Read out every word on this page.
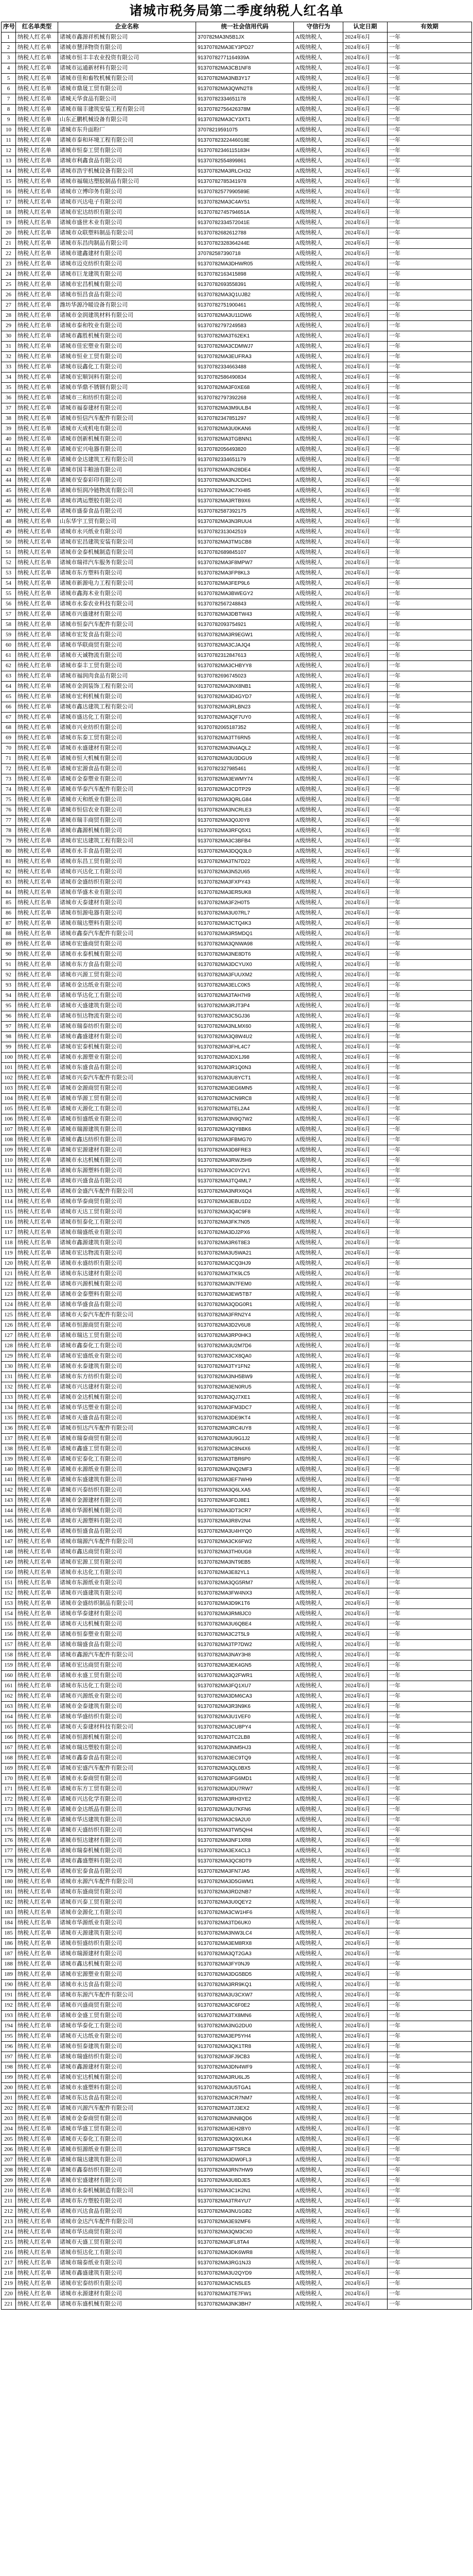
诸城市税务局第二季度纳税人红名单
序号	红名单类型	企业名称	统一社会信用代码	守信行为	认定日期	有效期
1	纳税人红名单	诸城市鑫源祥机械有限公司	370782MA3N5B1JX	A级纳税人	2024年6月	一年
2	纳税人红名单	诸城市慧泽物资有限公司	91370782MA3EY3PD27	A级纳税人	2024年6月	一年
3	纳税人红名单	诸城市恒丰丰农业投资有限公司	91370782771164939A	A级纳税人	2024年6月	一年
4	纳税人红名单	诸城市运通新材料有限公司	91370782MA3CB1NF8	A级纳税人	2024年6月	一年
5	纳税人红名单	诸城市佳和畜牧机械有限公司	91370782MA3NB3Y17	A级纳税人	2024年6月	一年
6	纳税人红名单	诸城市鼎晟工贸有限公司	91370782MA3QWN2T8	A级纳税人	2024年6月	一年
7	纳税人红名单	诸城天华食品有限公司	91370782334651178	A级纳税人	2024年6月	一年
8	纳税人红名单	诸城市瑞丰建筑安装工程有限公司	91370782756426378M	A级纳税人	2024年6月	一年
9	纳税人红名单	山东正鹏机械设备有限公司	91370782MA3CY3XT1	A级纳税人	2024年6月	一年
10	纳税人红名单	诸城市东升面粉厂	37078219591075	A级纳税人	2024年6月	一年
11	纳税人红名单	诸城市泰和环境工程有限公司	91370782322446018E	A级纳税人	2024年6月	一年
12	纳税人红名单	诸城市恒泰工贸有限公司	91370782346115183H	A级纳税人	2024年6月	一年
13	纳税人红名单	诸城市利鑫食品有限公司	91370782554899861	A级纳税人	2024年6月	一年
14	纳税人红名单	诸城市浩宇机械设备有限公司	91370782MA3RLCH32	A级纳税人	2024年6月	一年
15	纳税人红名单	诸城市福瑞达塑胶制品有限公司	91370782785341978	A级纳税人	2024年6月	一年
16	纳税人红名单	诸城市立博印务有限公司	91370782577990589E	A级纳税人	2024年6月	一年
17	纳税人红名单	诸城市兴达电子有限公司	91370782MA3C4AY51	A级纳税人	2024年6月	一年
18	纳税人红名单	诸城市宏达纺织有限公司	91370782745794651A	A级纳税人	2024年6月	一年
19	纳税人红名单	诸城市盛世木业有限公司	91370782334572041E	A级纳税人	2024年6月	一年
20	纳税人红名单	诸城市众联塑料制品有限公司	91370782682612788	A级纳税人	2024年6月	一年
21	纳税人红名单	诸城市东昌肉制品有限公司	91370782328364244E	A级纳税人	2024年6月	一年
22	纳税人红名单	诸城市建鑫建材有限公司	370782587390718	A级纳税人	2024年6月	一年
23	纳税人红名单	诸城市迈克纺织有限公司	91370782MA3DHWR05	A级纳税人	2024年6月	一年
24	纳税人红名单	诸城市巨龙建筑有限公司	91370782163415898	A级纳税人	2024年6月	一年
25	纳税人红名单	诸城市宏昌机械有限公司	91370782693558391	A级纳税人	2024年6月	一年
26	纳税人红名单	诸城市恒昌食品有限公司	91370782MA3Q1UJB2	A级纳税人	2024年6月	一年
27	纳税人红名单	潍坊华源冷暖设备有限公司	91370782751900461	A级纳税人	2024年6月	一年
28	纳税人红名单	诸城市金润建筑材料有限公司	91370782MA3U11DW6	A级纳税人	2024年6月	一年
29	纳税人红名单	诸城市泰和牧业有限公司	91370782797249583	A级纳税人	2024年6月	一年
30	纳税人红名单	诸城市鑫胜机械有限公司	91370782MA3T62EK1	A级纳税人	2024年6月	一年
31	纳税人红名单	诸城市佳宏塑业有限公司	91370782MA3CDMWJ7	A级纳税人	2024年6月	一年
32	纳税人红名单	诸城市恒业工贸有限公司	91370782MA3EUFRA3	A级纳税人	2024年6月	一年
33	纳税人红名单	诸城市辰鑫化工有限公司	91370782334663488	A级纳税人	2024年6月	一年
34	纳税人红名单	诸城市宏顺饲料有限公司	91370782586490834	A级纳税人	2024年6月	一年
35	纳税人红名单	诸城市华鼎不锈钢有限公司	91370782MA3F0XE68	A级纳税人	2024年6月	一年
36	纳税人红名单	诸城市三和纺织有限公司	91370782797392268	A级纳税人	2024年6月	一年
37	纳税人红名单	诸城市福泰建材有限公司	91370782MA3M9ULB4	A级纳税人	2024年6月	一年
38	纳税人红名单	诸城市恒信汽车配件有限公司	91370782347851297	A级纳税人	2024年6月	一年
39	纳税人红名单	诸城市天成机电有限公司	91370782MA3U0KAN6	A级纳税人	2024年6月	一年
40	纳税人红名单	诸城市创新机械有限公司	91370782MA3TGBNN1	A级纳税人	2024年6月	一年
41	纳税人红名单	诸城市宏兴电器有限公司	91370782056493820	A级纳税人	2024年6月	一年
42	纳税人红名单	诸城市金达建筑工程有限公司	91370782334651179	A级纳税人	2024年6月	一年
43	纳税人红名单	诸城市国丰粮油有限公司	91370782MA3N28DE4	A级纳税人	2024年6月	一年
44	纳税人红名单	诸城市安泰彩印有限公司	91370782MA3NJCDH1	A级纳税人	2024年6月	一年
45	纳税人红名单	诸城市恒润冷链物流有限公司	91370782MA3C7XH85	A级纳税人	2024年6月	一年
46	纳税人红名单	诸城市鸿运塑胶有限公司	91370782MA3RTB9X6	A级纳税人	2024年6月	一年
47	纳税人红名单	诸城市盛泰食品有限公司	91370782587392175	A级纳税人	2024年6月	一年
48	纳税人红名单	山东华宇工贸有限公司	91370782MA3N3RUU4	A级纳税人	2024年6月	一年
49	纳税人红名单	诸城市永兴纸业有限公司	91370782313042519	A级纳税人	2024年6月	一年
50	纳税人红名单	诸城市宏昌建筑安装有限公司	91370782MA3TM1CB8	A级纳税人	2024年6月	一年
51	纳税人红名单	诸城市金泰机械制造有限公司	91370782689845107	A级纳税人	2024年6月	一年
52	纳税人红名单	诸城市瑞祥汽车服务有限公司	91370782MA3F8MPW7	A级纳税人	2024年6月	一年
53	纳税人红名单	诸城市东方塑料有限公司	91370782MA3FP8KL3	A级纳税人	2024年6月	一年
54	纳税人红名单	诸城市新源电力工程有限公司	91370782MA3FEP9L6	A级纳税人	2024年6月	一年
55	纳税人红名单	诸城市鑫海木业有限公司	91370782MA3BWEGY2	A级纳税人	2024年6月	一年
56	纳税人红名单	诸城市永泰农业科技有限公司	91370782567248843	A级纳税人	2024年6月	一年
57	纳税人红名单	诸城市兴盛建材有限公司	91370782MA3DBTW43	A级纳税人	2024年6月	一年
58	纳税人红名单	诸城市恒泰汽车配件有限公司	91370782093754921	A级纳税人	2024年6月	一年
59	纳税人红名单	诸城市宏发食品有限公司	91370782MA3R9EGW1	A级纳税人	2024年6月	一年
60	纳税人红名单	诸城市华联商贸有限公司	91370782MA3CJAJQ4	A级纳税人	2024年6月	一年
61	纳税人红名单	诸城市天诚物流有限公司	91370782312847613	A级纳税人	2024年6月	一年
62	纳税人红名单	诸城市泰丰工贸有限公司	91370782MA3CHBYY8	A级纳税人	2024年6月	一年
63	纳税人红名单	诸城市福润肉食品有限公司	91370782696745023	A级纳税人	2024年6月	一年
64	纳税人红名单	诸城市金润装饰工程有限公司	91370782MA3NX8NB1	A级纳税人	2024年6月	一年
65	纳税人红名单	诸城市宏利机械有限公司	91370782MA3D4GYD7	A级纳税人	2024年6月	一年
66	纳税人红名单	诸城市鑫达建筑工程有限公司	91370782MA3RLBN23	A级纳税人	2024年6月	一年
67	纳税人红名单	诸城市盛达化工有限公司	91370782MA3QF7UY0	A级纳税人	2024年6月	一年
68	纳税人红名单	诸城市兴业纺织有限公司	91370782065187352	A级纳税人	2024年6月	一年
69	纳税人红名单	诸城市东泰工贸有限公司	91370782MA3TT6RN5	A级纳税人	2024年6月	一年
70	纳税人红名单	诸城市永盛建材有限公司	91370782MA3N4AQL2	A级纳税人	2024年6月	一年
71	纳税人红名单	诸城市恒大机械有限公司	91370782MA3U3DGU9	A级纳税人	2024年6月	一年
72	纳税人红名单	诸城市宏源食品有限公司	91370782327985461	A级纳税人	2024年6月	一年
73	纳税人红名单	诸城市金泰塑业有限公司	91370782MA3EWMY74	A级纳税人	2024年6月	一年
74	纳税人红名单	诸城市华泰汽车配件有限公司	91370782MA3CDTP29	A级纳税人	2024年6月	一年
75	纳税人红名单	诸城市天和纸业有限公司	91370782MA3QRLG84	A级纳税人	2024年6月	一年
76	纳税人红名单	诸城市恒信农业有限公司	91370782MA3NCRLE3	A级纳税人	2024年6月	一年
77	纳税人红名单	诸城市瑞丰商贸有限公司	91370782MA3Q0J0Y8	A级纳税人	2024年6月	一年
78	纳税人红名单	诸城市鑫源机械有限公司	91370782MA3RFQ5X1	A级纳税人	2024年6月	一年
79	纳税人红名单	诸城市宏达建筑工程有限公司	91370782MA3C3BFB4	A级纳税人	2024年6月	一年
80	纳税人红名单	诸城市永丰食品有限公司	91370782MA3DQQ3L0	A级纳税人	2024年6月	一年
81	纳税人红名单	诸城市东昌工贸有限公司	91370782MA3TN7D22	A级纳税人	2024年6月	一年
82	纳税人红名单	诸城市兴达化工有限公司	91370782MA3N52U65	A级纳税人	2024年6月	一年
83	纳税人红名单	诸城市金盛纺织有限公司	91370782MA3FXPY43	A级纳税人	2024年6月	一年
84	纳税人红名单	诸城市华盛木业有限公司	91370782MA3ER5UK8	A级纳税人	2024年6月	一年
85	纳税人红名单	诸城市天泰建材有限公司	91370782MA3F2H0T5	A级纳税人	2024年6月	一年
86	纳税人红名单	诸城市恒源电器有限公司	91370782MA3U07RL7	A级纳税人	2024年6月	一年
87	纳税人红名单	诸城市瑞达塑料有限公司	91370782MA3CTQ4K3	A级纳税人	2024年6月	一年
88	纳税人红名单	诸城市鑫泰汽车配件有限公司	91370782MA3R5MDQ1	A级纳税人	2024年6月	一年
89	纳税人红名单	诸城市宏盛商贸有限公司	91370782MA3QNWA98	A级纳税人	2024年6月	一年
90	纳税人红名单	诸城市永泰机械有限公司	91370782MA3NE8DT6	A级纳税人	2024年6月	一年
91	纳税人红名单	诸城市东方食品有限公司	91370782MA3DCYUX0	A级纳税人	2024年6月	一年
92	纳税人红名单	诸城市兴源工贸有限公司	91370782MA3FUUXM2	A级纳税人	2024年6月	一年
93	纳税人红名单	诸城市金达纸业有限公司	91370782MA3ELC0K5	A级纳税人	2024年6月	一年
94	纳税人红名单	诸城市华达化工有限公司	91370782MA3TAH7H9	A级纳税人	2024年6月	一年
95	纳税人红名单	诸城市天盛建筑有限公司	91370782MA3RJT3P4	A级纳税人	2024年6月	一年
96	纳税人红名单	诸城市恒达物流有限公司	91370782MA3C5GJ36	A级纳税人	2024年6月	一年
97	纳税人红名单	诸城市瑞泰纺织有限公司	91370782MA3NLMX60	A级纳税人	2024年6月	一年
98	纳税人红名单	诸城市鑫盛建材有限公司	91370782MA3Q8W4U2	A级纳税人	2024年6月	一年
99	纳税人红名单	诸城市宏泰机械有限公司	91370782MA3FHL4C7	A级纳税人	2024年6月	一年
100	纳税人红名单	诸城市永源塑业有限公司	91370782MA3DX1J98	A级纳税人	2024年6月	一年
101	纳税人红名单	诸城市东盛食品有限公司	91370782MA3R1Q0N3	A级纳税人	2024年6月	一年
102	纳税人红名单	诸城市兴泰汽车配件有限公司	91370782MA3U8YCT1	A级纳税人	2024年6月	一年
103	纳税人红名单	诸城市金源商贸有限公司	91370782MA3EG6MN5	A级纳税人	2024年6月	一年
104	纳税人红名单	诸城市华源工贸有限公司	91370782MA3CN9RC8	A级纳税人	2024年6月	一年
105	纳税人红名单	诸城市天源化工有限公司	91370782MA3TEL2A4	A级纳税人	2024年6月	一年
106	纳税人红名单	诸城市恒盛纸业有限公司	91370782MA3N9Q7W2	A级纳税人	2024年6月	一年
107	纳税人红名单	诸城市瑞源建筑有限公司	91370782MA3QY8BK6	A级纳税人	2024年6月	一年
108	纳税人红名单	诸城市鑫达纺织有限公司	91370782MA3FBMG70	A级纳税人	2024年6月	一年
109	纳税人红名单	诸城市宏源建材有限公司	91370782MA3D8FRE3	A级纳税人	2024年6月	一年
110	纳税人红名单	诸城市永达机械有限公司	91370782MA3RWJ5H9	A级纳税人	2024年6月	一年
111	纳税人红名单	诸城市东源塑料有限公司	91370782MA3C0Y2V1	A级纳税人	2024年6月	一年
112	纳税人红名单	诸城市兴盛食品有限公司	91370782MA3TQ4ML7	A级纳税人	2024年6月	一年
113	纳税人红名单	诸城市金盛汽车配件有限公司	91370782MA3NRX6Q4	A级纳税人	2024年6月	一年
114	纳税人红名单	诸城市华泰商贸有限公司	91370782MA3EBU1D2	A级纳税人	2024年6月	一年
115	纳税人红名单	诸城市天达工贸有限公司	91370782MA3Q4C9F8	A级纳税人	2024年6月	一年
116	纳税人红名单	诸城市恒泰化工有限公司	91370782MA3FK7N05	A级纳税人	2024年6月	一年
117	纳税人红名单	诸城市瑞盛纸业有限公司	91370782MA3DJ2PX6	A级纳税人	2024年6月	一年
118	纳税人红名单	诸城市鑫源建筑有限公司	91370782MA3R6T8E3	A级纳税人	2024年6月	一年
119	纳税人红名单	诸城市宏达物流有限公司	91370782MA3U5WA21	A级纳税人	2024年6月	一年
120	纳税人红名单	诸城市永盛纺织有限公司	91370782MA3CQ3HJ9	A级纳税人	2024年6月	一年
121	纳税人红名单	诸城市东达建材有限公司	91370782MA3TK9LC5	A级纳税人	2024年6月	一年
122	纳税人红名单	诸城市兴源机械有限公司	91370782MA3N7FEM0	A级纳税人	2024年6月	一年
123	纳税人红名单	诸城市金泰塑料有限公司	91370782MA3EW5TB7	A级纳税人	2024年6月	一年
124	纳税人红名单	诸城市华盛食品有限公司	91370782MA3QDG0R1	A级纳税人	2024年6月	一年
125	纳税人红名单	诸城市天泰汽车配件有限公司	91370782MA3FRN2Y4	A级纳税人	2024年6月	一年
126	纳税人红名单	诸城市恒源商贸有限公司	91370782MA3D2V6U8	A级纳税人	2024年6月	一年
127	纳税人红名单	诸城市瑞达工贸有限公司	91370782MA3RP0HK3	A级纳税人	2024年6月	一年
128	纳税人红名单	诸城市鑫泰化工有限公司	91370782MA3U2M7D6	A级纳税人	2024年6月	一年
129	纳税人红名单	诸城市宏盛纸业有限公司	91370782MA3CX8QA0	A级纳税人	2024年6月	一年
130	纳税人红名单	诸城市永泰建筑有限公司	91370782MA3TY1FN2	A级纳税人	2024年6月	一年
131	纳税人红名单	诸城市东方纺织有限公司	91370782MA3NH5BW9	A级纳税人	2024年6月	一年
132	纳税人红名单	诸城市兴达建材有限公司	91370782MA3EN0RU5	A级纳税人	2024年6月	一年
133	纳税人红名单	诸城市金达机械有限公司	91370782MA3QJ7XE1	A级纳税人	2024年6月	一年
134	纳税人红名单	诸城市华达塑业有限公司	91370782MA3FM3DC7	A级纳税人	2024年6月	一年
135	纳税人红名单	诸城市天盛食品有限公司	91370782MA3DE9KT4	A级纳税人	2024年6月	一年
136	纳税人红名单	诸城市恒达汽车配件有限公司	91370782MA3RC4UY8	A级纳税人	2024年6月	一年
137	纳税人红名单	诸城市瑞泰商贸有限公司	91370782MA3U9G1J2	A级纳税人	2024年6月	一年
138	纳税人红名单	诸城市鑫盛工贸有限公司	91370782MA3C8N4X6	A级纳税人	2024年6月	一年
139	纳税人红名单	诸城市宏泰化工有限公司	91370782MA3TBR6P0	A级纳税人	2024年6月	一年
140	纳税人红名单	诸城市永源纸业有限公司	91370782MA3NQ2MF3	A级纳税人	2024年6月	一年
141	纳税人红名单	诸城市东盛建筑有限公司	91370782MA3EF7WH9	A级纳税人	2024年6月	一年
142	纳税人红名单	诸城市兴泰纺织有限公司	91370782MA3Q6LXA5	A级纳税人	2024年6月	一年
143	纳税人红名单	诸城市金源建材有限公司	91370782MA3FDJ8E1	A级纳税人	2024年6月	一年
144	纳税人红名单	诸城市华源机械有限公司	91370782MA3DT3CR7	A级纳税人	2024年6月	一年
145	纳税人红名单	诸城市天源塑料有限公司	91370782MA3R8V2N4	A级纳税人	2024年6月	一年
146	纳税人红名单	诸城市恒盛食品有限公司	91370782MA3U4HYQ0	A级纳税人	2024年6月	一年
147	纳税人红名单	诸城市瑞源汽车配件有限公司	91370782MA3CK6FW2	A级纳税人	2024年6月	一年
148	纳税人红名单	诸城市鑫达商贸有限公司	91370782MA3TH0UG8	A级纳税人	2024年6月	一年
149	纳税人红名单	诸城市宏源工贸有限公司	91370782MA3NT9EB5	A级纳税人	2024年6月	一年
150	纳税人红名单	诸城市永达化工有限公司	91370782MA3E82YL1	A级纳税人	2024年6月	一年
151	纳税人红名单	诸城市东源纸业有限公司	91370782MA3QG5RM7	A级纳税人	2024年6月	一年
152	纳税人红名单	诸城市兴盛建筑有限公司	91370782MA3FW4NX3	A级纳税人	2024年6月	一年
153	纳税人红名单	诸城市金盛纺织制品有限公司	91370782MA3D9K1T6	A级纳税人	2024年6月	一年
154	纳税人红名单	诸城市华泰建材有限公司	91370782MA3RM8JC0	A级纳税人	2024年6月	一年
155	纳税人红名单	诸城市天达机械有限公司	91370782MA3U6QBE4	A级纳税人	2024年6月	一年
156	纳税人红名单	诸城市恒泰塑业有限公司	91370782MA3C2T5L9	A级纳税人	2024年6月	一年
157	纳税人红名单	诸城市瑞盛食品有限公司	91370782MA3TP7DW2	A级纳税人	2024年6月	一年
158	纳税人红名单	诸城市鑫源汽车配件有限公司	91370782MA3NAY3H8	A级纳税人	2024年6月	一年
159	纳税人红名单	诸城市宏达商贸有限公司	91370782MA3EK4GN5	A级纳税人	2024年6月	一年
160	纳税人红名单	诸城市永盛工贸有限公司	91370782MA3Q2FWR1	A级纳税人	2024年6月	一年
161	纳税人红名单	诸城市东达化工有限公司	91370782MA3FQ1XU7	A级纳税人	2024年6月	一年
162	纳税人红名单	诸城市兴源纸业有限公司	91370782MA3DM6CA3	A级纳税人	2024年6月	一年
163	纳税人红名单	诸城市金泰建筑有限公司	91370782MA3R3N9K6	A级纳税人	2024年6月	一年
164	纳税人红名单	诸城市华盛纺织有限公司	91370782MA3U1VEF0	A级纳税人	2024年6月	一年
165	纳税人红名单	诸城市天泰建材科技有限公司	91370782MA3CU8PY4	A级纳税人	2024年6月	一年
166	纳税人红名单	诸城市恒源机械有限公司	91370782MA3TC2LB8	A级纳税人	2024年6月	一年
167	纳税人红名单	诸城市瑞达塑胶有限公司	91370782MA3NM5HJ3	A级纳税人	2024年6月	一年
168	纳税人红名单	诸城市鑫泰食品有限公司	91370782MA3EC9TQ9	A级纳税人	2024年6月	一年
169	纳税人红名单	诸城市宏盛汽车配件有限公司	91370782MA3QL0BX5	A级纳税人	2024年6月	一年
170	纳税人红名单	诸城市永泰商贸有限公司	91370782MA3FG6MD1	A级纳税人	2024年6月	一年
171	纳税人红名单	诸城市东方工贸有限公司	91370782MA3DU7RW7	A级纳税人	2024年6月	一年
172	纳税人红名单	诸城市兴达化学有限公司	91370782MA3RH3YE2	A级纳税人	2024年6月	一年
173	纳税人红名单	诸城市金达纸品有限公司	91370782MA3U7KFN6	A级纳税人	2024年6月	一年
174	纳税人红名单	诸城市华达建筑有限公司	91370782MA3C9A2U0	A级纳税人	2024年6月	一年
175	纳税人红名单	诸城市天盛纺织有限公司	91370782MA3TW5QH4	A级纳税人	2024年6月	一年
176	纳税人红名单	诸城市恒达建材有限公司	91370782MA3NF1XR8	A级纳税人	2024年6月	一年
177	纳税人红名单	诸城市瑞泰机械有限公司	91370782MA3EX4CL3	A级纳税人	2024年6月	一年
178	纳税人红名单	诸城市鑫盛塑料有限公司	91370782MA3QC8DT9	A级纳税人	2024年6月	一年
179	纳税人红名单	诸城市宏泰食品有限公司	91370782MA3FN7JA5	A级纳税人	2024年6月	一年
180	纳税人红名单	诸城市永源汽车配件有限公司	91370782MA3D5GWM1	A级纳税人	2024年6月	一年
181	纳税人红名单	诸城市东盛商贸有限公司	91370782MA3RD2NB7	A级纳税人	2024年6月	一年
182	纳税人红名单	诸城市兴泰工贸有限公司	91370782MA3U0QEY2	A级纳税人	2024年6月	一年
183	纳税人红名单	诸城市金源化工有限公司	91370782MA3CW1HF6	A级纳税人	2024年6月	一年
184	纳税人红名单	诸城市华源纸业有限公司	91370782MA3TD6UK0	A级纳税人	2024年6月	一年
185	纳税人红名单	诸城市天源建筑有限公司	91370782MA3NW3LC4	A级纳税人	2024年6月	一年
186	纳税人红名单	诸城市恒盛纺织有限公司	91370782MA3EM8RX8	A级纳税人	2024年6月	一年
187	纳税人红名单	诸城市瑞源建材有限公司	91370782MA3QT2GA3	A级纳税人	2024年6月	一年
188	纳税人红名单	诸城市鑫达机械有限公司	91370782MA3FY0NJ9	A级纳税人	2024年6月	一年
189	纳税人红名单	诸城市宏源塑业有限公司	91370782MA3DG5BD5	A级纳税人	2024年6月	一年
190	纳税人红名单	诸城市永达食品有限公司	91370782MA3RR9KQ1	A级纳税人	2024年6月	一年
191	纳税人红名单	诸城市东源汽车配件有限公司	91370782MA3U3CXW7	A级纳税人	2024年6月	一年
192	纳税人红名单	诸城市兴盛商贸有限公司	91370782MA3C6F0E2	A级纳税人	2024年6月	一年
193	纳税人红名单	诸城市金盛工贸有限公司	91370782MA3TX8MN6	A级纳税人	2024年6月	一年
194	纳税人红名单	诸城市华泰化工有限公司	91370782MA3NG2DU0	A级纳税人	2024年6月	一年
195	纳税人红名单	诸城市天达纸业有限公司	91370782MA3EP5YH4	A级纳税人	2024年6月	一年
196	纳税人红名单	诸城市恒泰建筑有限公司	91370782MA3QK1TR8	A级纳税人	2024年6月	一年
197	纳税人红名单	诸城市瑞盛纺织有限公司	91370782MA3FJ9CB3	A级纳税人	2024年6月	一年
198	纳税人红名单	诸城市鑫源建材有限公司	91370782MA3DN4WF9	A级纳税人	2024年6月	一年
199	纳税人红名单	诸城市宏达机械有限公司	91370782MA3RU6LJ5	A级纳税人	2024年6月	一年
200	纳税人红名单	诸城市永盛塑料有限公司	91370782MA3U5TGA1	A级纳税人	2024年6月	一年
201	纳税人红名单	诸城市东达食品有限公司	91370782MA3CR7NM7	A级纳税人	2024年6月	一年
202	纳税人红名单	诸城市兴源汽车配件有限公司	91370782MA3TJ3EX2	A级纳税人	2024年6月	一年
203	纳税人红名单	诸城市金泰商贸有限公司	91370782MA3NN8QD6	A级纳税人	2024年6月	一年
204	纳税人红名单	诸城市华盛工贸有限公司	91370782MA3EH2BY0	A级纳税人	2024年6月	一年
205	纳税人红名单	诸城市天泰化工有限公司	91370782MA3Q9XUK4	A级纳税人	2024年6月	一年
206	纳税人红名单	诸城市恒源纸业有限公司	91370782MA3FT5RC8	A级纳税人	2024年6月	一年
207	纳税人红名单	诸城市瑞达建筑有限公司	91370782MA3DW0FL3	A级纳税人	2024年6月	一年
208	纳税人红名单	诸城市鑫泰纺织有限公司	91370782MA3RN7HW9	A级纳税人	2024年6月	一年
209	纳税人红名单	诸城市宏盛建材有限公司	91370782MA3U8DJE5	A级纳税人	2024年6月	一年
210	纳税人红名单	诸城市永泰机械制造有限公司	91370782MA3C1K2N1	A级纳税人	2024年6月	一年
211	纳税人红名单	诸城市东方塑胶有限公司	91370782MA3TR4YU7	A级纳税人	2024年6月	一年
212	纳税人红名单	诸城市兴达食品有限公司	91370782MA3NU1GB2	A级纳税人	2024年6月	一年
213	纳税人红名单	诸城市金达汽车配件有限公司	91370782MA3E92MF6	A级纳税人	2024年6月	一年
214	纳税人红名单	诸城市华达商贸有限公司	91370782MA3QM3CX0	A级纳税人	2024年6月	一年
215	纳税人红名单	诸城市天盛工贸有限公司	91370782MA3FL8TA4	A级纳税人	2024年6月	一年
216	纳税人红名单	诸城市恒达化工有限公司	91370782MA3DK6WR8	A级纳税人	2024年6月	一年
217	纳税人红名单	诸城市瑞泰纸业有限公司	91370782MA3RG1NJ3	A级纳税人	2024年6月	一年
218	纳税人红名单	诸城市鑫盛建筑有限公司	91370782MA3U2QYD9	A级纳税人	2024年6月	一年
219	纳税人红名单	诸城市宏泰纺织有限公司	91370782MA3CN5LE5	A级纳税人	2024年6月	一年
220	纳税人红名单	诸城市永源建材有限公司	91370782MA3TE7FW1	A级纳税人	2024年6月	一年
221	纳税人红名单	诸城市东盛机械有限公司	91370782MA3NK3BH7	A级纳税人	2024年6月	一年
